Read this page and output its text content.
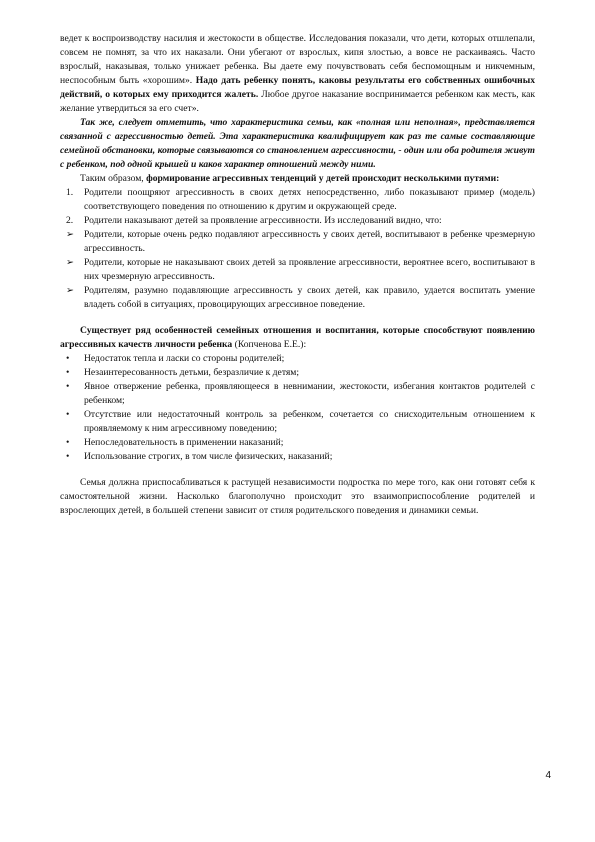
ведет к воспроизводству насилия и жестокости в обществе. Исследования показали, что дети, которых отшлепали, совсем не помнят, за что их наказали. Они убегают от взрослых, кипя злостью, а вовсе не раскаиваясь. Часто взрослый, наказывая, только унижает ребенка. Вы даете ему почувствовать себя беспомощным и никчемным, неспособным быть «хорошим». Надо дать ребенку понять, каковы результаты его собственных ошибочных действий, о которых ему приходится жалеть. Любое другое наказание воспринимается ребенком как месть, как желание утвердиться за его счет».

Так же, следует отметить, что характеристика семьи, как «полная или неполная», представляется связанной с агрессивностью детей. Эта характеристика квалифицирует как раз те самые составляющие семейной обстановки, которые связываются со становлением агрессивности, - один или оба родителя живут с ребенком, под одной крышей и каков характер отношений между ними.

Таким образом, формирование агрессивных тенденций у детей происходит несколькими путями:

1. Родители поощряют агрессивность в своих детях непосредственно, либо показывают пример (модель) соответствующего поведения по отношению к другим и окружающей среде.
2. Родители наказывают детей за проявление агрессивности. Из исследований видно, что:
➢ Родители, которые очень редко подавляют агрессивность у своих детей, воспитывают в ребенке чрезмерную агрессивность.
➢ Родители, которые не наказывают своих детей за проявление агрессивности, вероятнее всего, воспитывают в них чрезмерную агрессивность.
➢ Родителям, разумно подавляющие агрессивность у своих детей, как правило, удается воспитать умение владеть собой в ситуациях, провоцирующих агрессивное поведение.

Существует ряд особенностей семейных отношения и воспитания, которые способствуют появлению агрессивных качеств личности ребенка (Копченова Е.Е.):

• Недостаток тепла и ласки со стороны родителей;
• Незаинтересованность детьми, безразличие к детям;
• Явное отвержение ребенка, проявляющееся в невнимании, жестокости, избегания контактов родителей с ребенком;
• Отсутствие или недостаточный контроль за ребенком, сочетается со снисходительным отношением к проявляемому к ним агрессивному поведению;
• Непоследовательность в применении наказаний;
• Использование строгих, в том числе физических, наказаний;

Семья должна приспосабливаться к растущей независимости подростка по мере того, как они готовят себя к самостоятельной жизни. Насколько благополучно происходит это взаимоприспособление родителей и взрослеющих детей, в большей степени зависит от стиля родительского поведения и динамики семьи.

4
